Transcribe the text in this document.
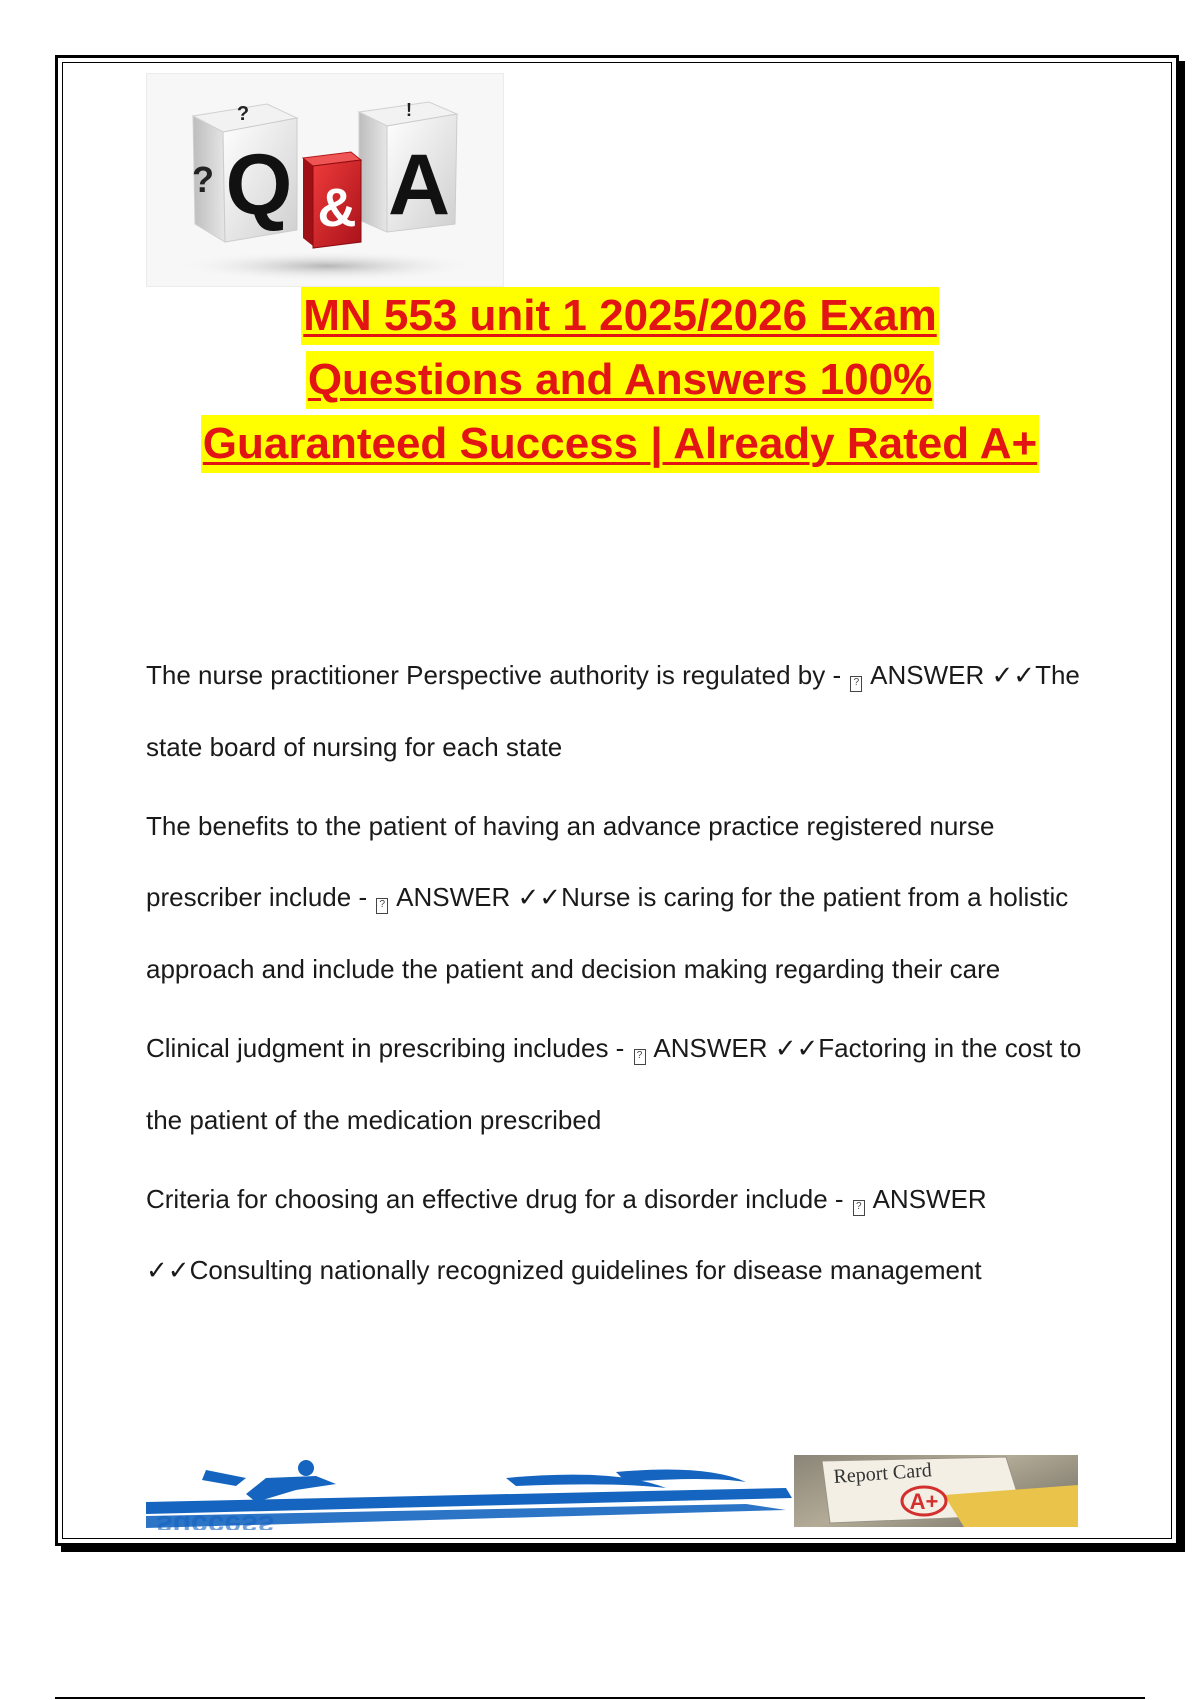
Q
?
? A
!
&
MN 553 unit 1 2025/2026 Exam
Questions and Answers 100%
Guaranteed Success | Already Rated A+
The nurse practitioner Perspective authority is regulated by - ? ANSWER ✓✓The state board of nursing for each state
The benefits to the patient of having an advance practice registered nurse prescriber include - ? ANSWER ✓✓Nurse is caring for the patient from a holistic approach and include the patient and decision making regarding their care
Clinical judgment in prescribing includes - ? ANSWER ✓✓Factoring in the cost to the patient of the medication prescribed
Criteria for choosing an effective drug for a disorder include - ? ANSWER ✓✓Consulting nationally recognized guidelines for disease management
success
Report Card
A+
